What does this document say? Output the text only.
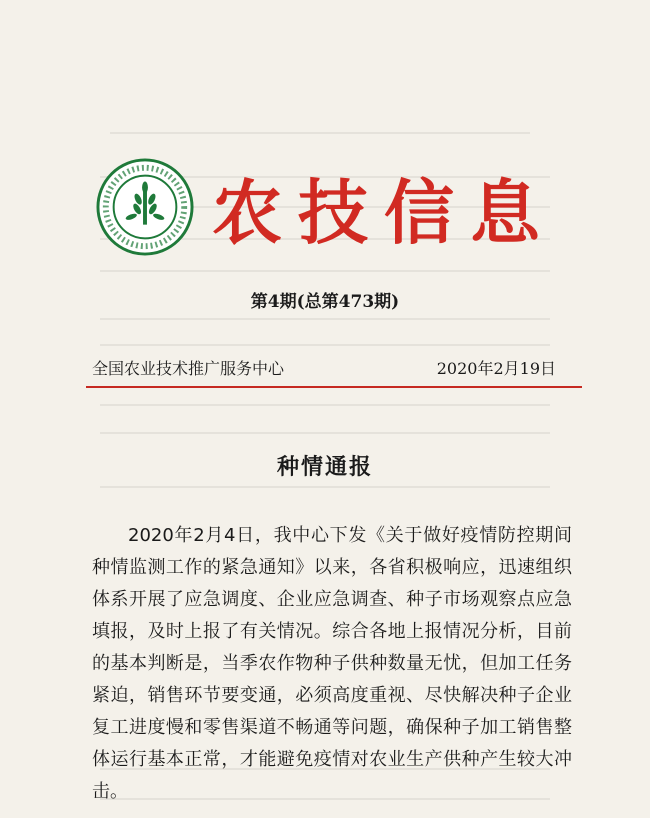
农技信息
第4期(总第473期)
全国农业技术推广服务中心	2020年2月19日
种情通报
2020年2月4日，我中心下发《关于做好疫情防控期间种情监测工作的紧急通知》以来，各省积极响应，迅速组织体系开展了应急调度、企业应急调查、种子市场观察点应急填报，及时上报了有关情况。综合各地上报情况分析，目前的基本判断是，当季农作物种子供种数量无忧，但加工任务紧迫，销售环节要变通，必须高度重视、尽快解决种子企业复工进度慢和零售渠道不畅通等问题，确保种子加工销售整体运行基本正常，才能避免疫情对农业生产供种产生较大冲击。
